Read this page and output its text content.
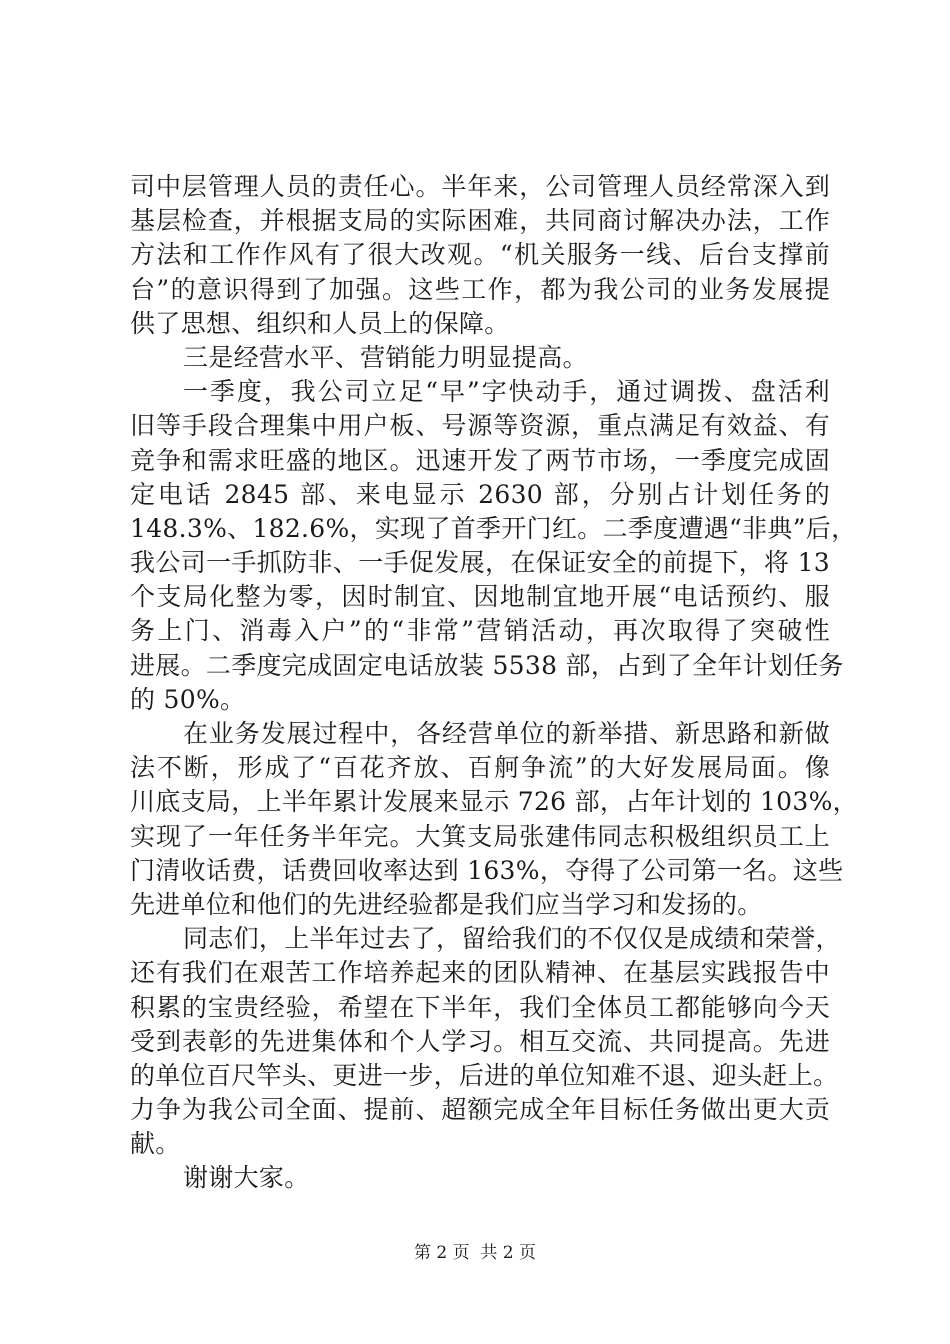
司中层管理人员的责任心。半年来，公司管理人员经常深入到
基层检查，并根据支局的实际困难，共同商讨解决办法，工作
方法和工作作风有了很大改观。“机关服务一线、后台支撑前
台”的意识得到了加强。这些工作，都为我公司的业务发展提
供了思想、组织和人员上的保障。
三是经营水平、营销能力明显提高。
一季度，我公司立足“早”字快动手，通过调拨、盘活利
旧等手段合理集中用户板、号源等资源，重点满足有效益、有
竞争和需求旺盛的地区。迅速开发了两节市场，一季度完成固
定电话 2845 部、来电显示 2630 部，分别占计划任务的
148.3%、182.6%，实现了首季开门红。二季度遭遇“非典”后，
我公司一手抓防非、一手促发展，在保证安全的前提下，将 13
个支局化整为零，因时制宜、因地制宜地开展“电话预约、服
务上门、消毒入户”的“非常”营销活动，再次取得了突破性
进展。二季度完成固定电话放装 5538 部，占到了全年计划任务
的 50%。
在业务发展过程中，各经营单位的新举措、新思路和新做
法不断，形成了“百花齐放、百舸争流”的大好发展局面。像
川底支局，上半年累计发展来显示 726 部，占年计划的 103%，
实现了一年任务半年完。大箕支局张建伟同志积极组织员工上
门清收话费，话费回收率达到 163%，夺得了公司第一名。这些
先进单位和他们的先进经验都是我们应当学习和发扬的。
同志们，上半年过去了，留给我们的不仅仅是成绩和荣誉，
还有我们在艰苦工作培养起来的团队精神、在基层实践报告中
积累的宝贵经验，希望在下半年，我们全体员工都能够向今天
受到表彰的先进集体和个人学习。相互交流、共同提高。先进
的单位百尺竿头、更进一步，后进的单位知难不退、迎头赶上。
力争为我公司全面、提前、超额完成全年目标任务做出更大贡
献。
谢谢大家。
第 2 页  共 2 页
